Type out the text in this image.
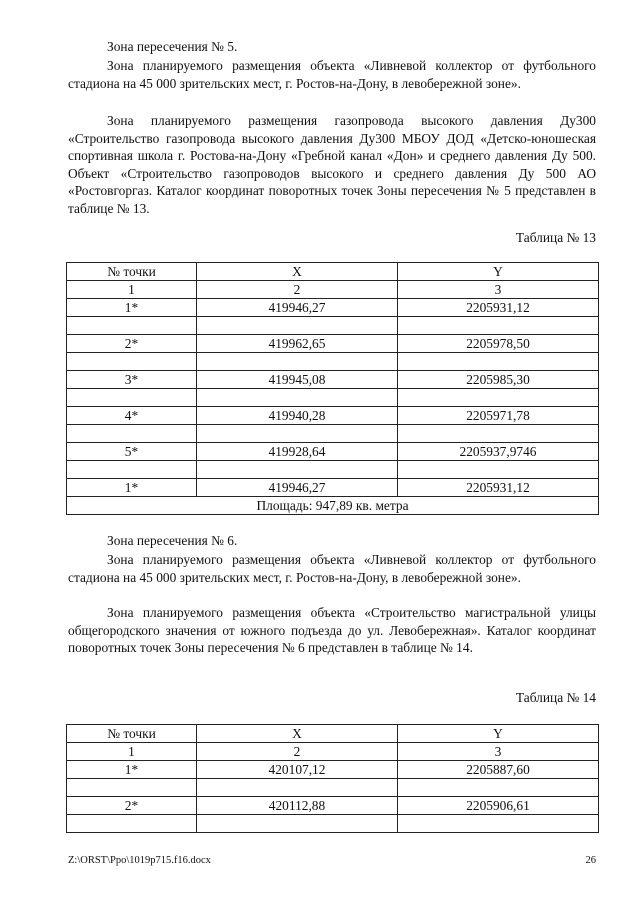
Зона пересечения № 5.

Зона планируемого размещения объекта «Ливневой коллектор от футбольного стадиона на 45 000 зрительских мест, г. Ростов-на-Дону, в левобережной зоне».

Зона планируемого размещения газопровода высокого давления Ду300 «Строительство газопровода высокого давления Ду300 МБОУ ДОД «Детско-юношеская спортивная школа г. Ростова-на-Дону «Гребной канал «Дон» и среднего давления Ду 500. Объект «Строительство газопроводов высокого и среднего давления Ду 500 АО «Ростовгоргаз. Каталог координат поворотных точек Зоны пересечения № 5 представлен в таблице № 13.

Таблица № 13
№ точки	X	Y
1	2	3
1*	419946,27	2205931,12

2*	419962,65	2205978,50

3*	419945,08	2205985,30

4*	419940,28	2205971,78

5*	419928,64	2205937,9746

1*	419946,27	2205931,12
Площадь: 947,89 кв. метра		

Зона пересечения № 6.

Зона планируемого размещения объекта «Ливневой коллектор от футбольного стадиона на 45 000 зрительских мест, г. Ростов-на-Дону, в левобережной зоне».

Зона планируемого размещения объекта «Строительство магистральной улицы общегородского значения от южного подъезда до ул. Левобережная». Каталог координат поворотных точек Зоны пересечения № 6 представлен в таблице № 14.

Таблица № 14
№ точки	X	Y
1	2	3
1*	420107,12	2205887,60

2*	420112,88	2205906,61

Z:\ORST\Ppo\1019p715.f16.docx	26
